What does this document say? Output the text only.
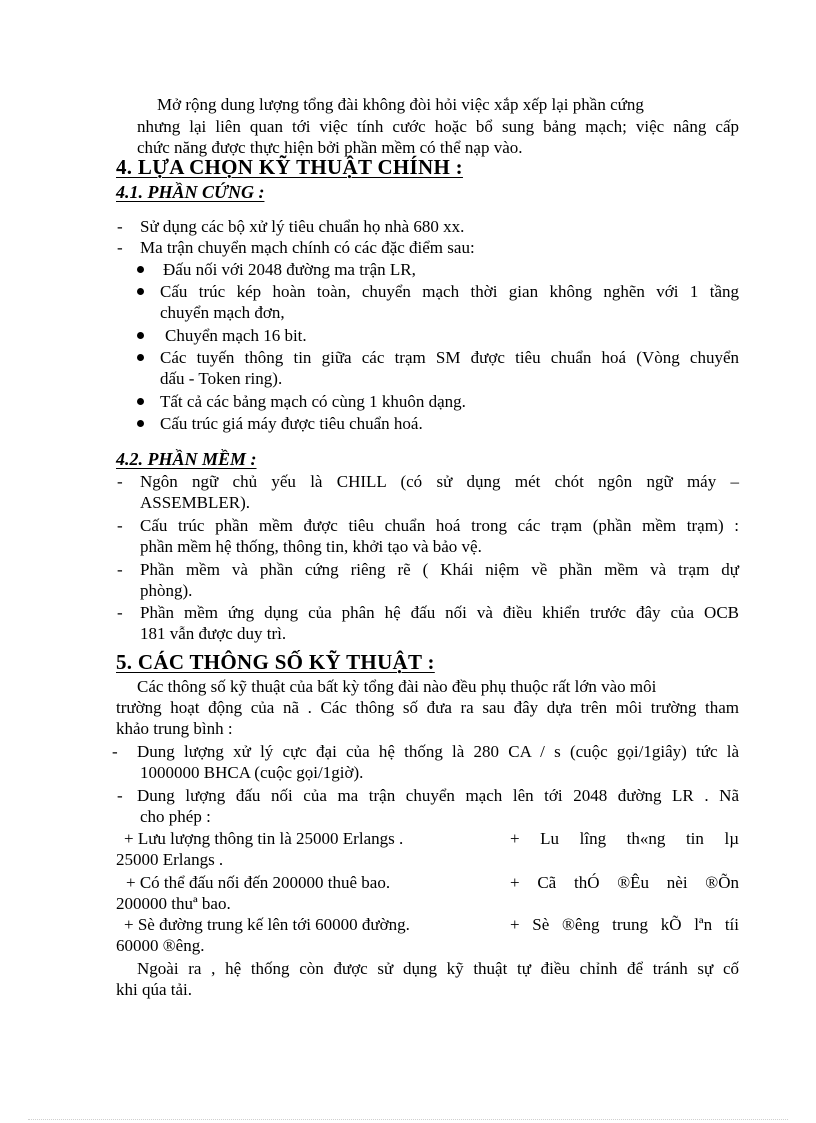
Mở rộng dung lượng tổng đài không đòi hỏi việc xắp xếp lại phần cứng
nhưng lại liên quan tới việc tính cước hoặc bổ sung bảng mạch; việc nâng cấp
chức năng được thực hiện bởi phần mềm có thể nạp vào.
4. LỰA CHỌN KỸ THUẬT CHÍNH :
4.1. PHẦN CỨNG :
- Sử dụng các bộ xử lý tiêu chuẩn họ nhà 680 xx.
- Ma trận chuyển mạch chính có các đặc điểm sau:
Đấu nối với 2048 đường ma trận LR,
Cấu trúc kép hoàn toàn, chuyển mạch thời gian không nghẽn với 1 tầng
chuyển mạch đơn,
Chuyển mạch 16 bit.
Các tuyến thông tin giữa các trạm SM được tiêu chuẩn hoá (Vòng chuyển
dấu - Token ring).
Tất cả các bảng mạch có cùng 1 khuôn dạng.
Cấu trúc giá máy được tiêu chuẩn hoá.
4.2. PHẦN MỀM :
- Ngôn ngữ chủ yếu là CHILL (có sử dụng mét chót ngôn ngữ máy –
ASSEMBLER).
- Cấu trúc phần mềm được tiêu chuẩn hoá trong các trạm (phần mềm trạm) :
phần mềm hệ thống, thông tin, khởi tạo và bảo vệ.
- Phần mềm và phần cứng riêng rẽ ( Khái niệm về phần mềm và trạm dự
phòng).
- Phần mềm ứng dụng của phân hệ đấu nối và điều khiển trước đây của OCB
181 vẫn được duy trì.
5. CÁC THÔNG SỐ KỸ THUẬT :
Các thông số kỹ thuật của bất kỳ tổng đài nào đều phụ thuộc rất lớn vào môi
trường hoạt động của nã . Các thông số đưa ra sau đây dựa trên môi trường tham
khảo trung bình :
- Dung lượng xử lý cực đại của hệ thống là 280 CA / s (cuộc gọi/1giây) tức là
1000000 BHCA (cuộc gọi/1giờ).
- Dung lượng đấu nối của ma trận chuyển mạch lên tới 2048 đường LR . Nã
cho phép :
+ Lưu lượng thông tin là 25000 Erlangs .	+ Lu lîng th«ng tin lµ
25000 Erlangs .
+ Có thể đấu nối đến 200000 thuê bao.	+ Cã thÓ ®Êu nèi ®Õn
200000 thuª bao.
+ Sè đường trung kế lên tới 60000 đường.	+ Sè ®êng trung kÕ lªn tíi
60000 ®êng.
Ngoài ra , hệ thống còn được sử dụng kỹ thuật tự điều chỉnh để tránh sự cố
khi qúa tải.
